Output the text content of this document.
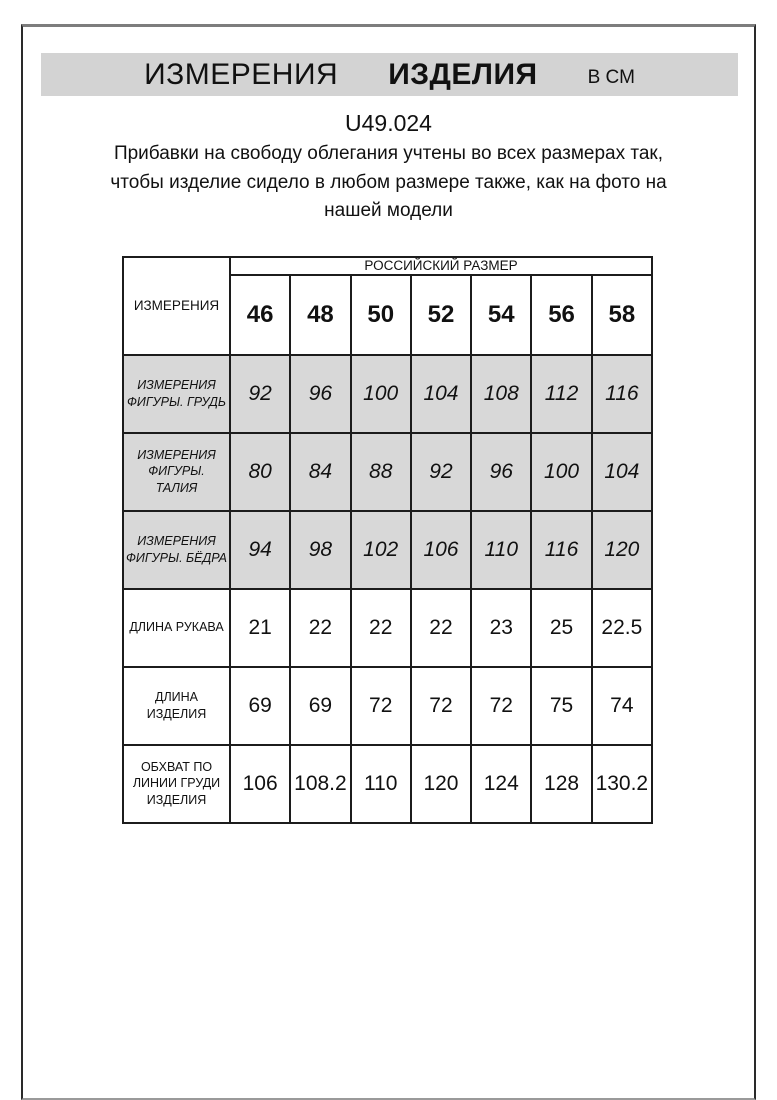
ИЗМЕРЕНИЯ ИЗДЕЛИЯ	В СМ
U49.024
Прибавки на свободу облегания учтены во всех размерах так,
чтобы изделие сидело в любом размере также, как на фото на
нашей модели
ИЗМЕРЕНИЯ	РОССИЙСКИЙ РАЗМЕР						
	46	48	50	52	54	56	58
ИЗМЕРЕНИЯ ФИГУРЫ. ГРУДЬ	92	96	100	104	108	112	116
ИЗМЕРЕНИЯ ФИГУРЫ. ТАЛИЯ	80	84	88	92	96	100	104
ИЗМЕРЕНИЯ ФИГУРЫ. БЁДРА	94	98	102	106	110	116	120
ДЛИНА РУКАВА	21	22	22	22	23	25	22.5
ДЛИНА ИЗДЕЛИЯ	69	69	72	72	72	75	74
ОБХВАТ ПО ЛИНИИ ГРУДИ ИЗДЕЛИЯ	106	108.2	110	120	124	128	130.2
